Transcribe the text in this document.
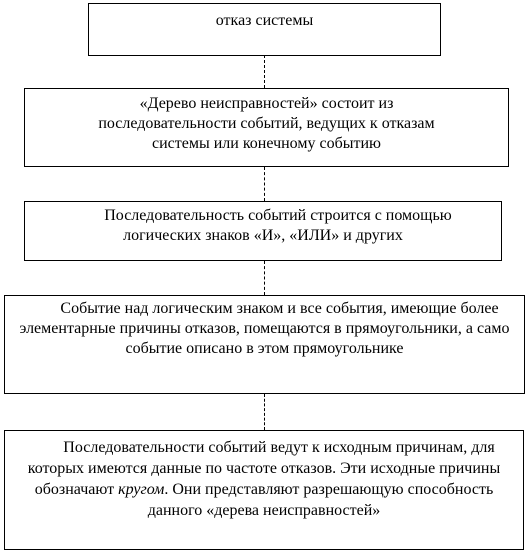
отказ системы
«Дерево неисправностей» состоит из последовательности событий, ведущих к отказам системы или конечному событию
Последовательность событий строится с помощью логических знаков «И», «ИЛИ» и других
Событие над логическим знаком и все события, имеющие более элементарные причины отказов, помещаются в прямоугольники, а само событие описано в этом прямоугольнике
Последовательности событий ведут к исходным причинам, для которых имеются данные по частоте отказов. Эти исходные причины обозначают кругом. Они представляют разрешающую способность данного «дерева неисправностей»
